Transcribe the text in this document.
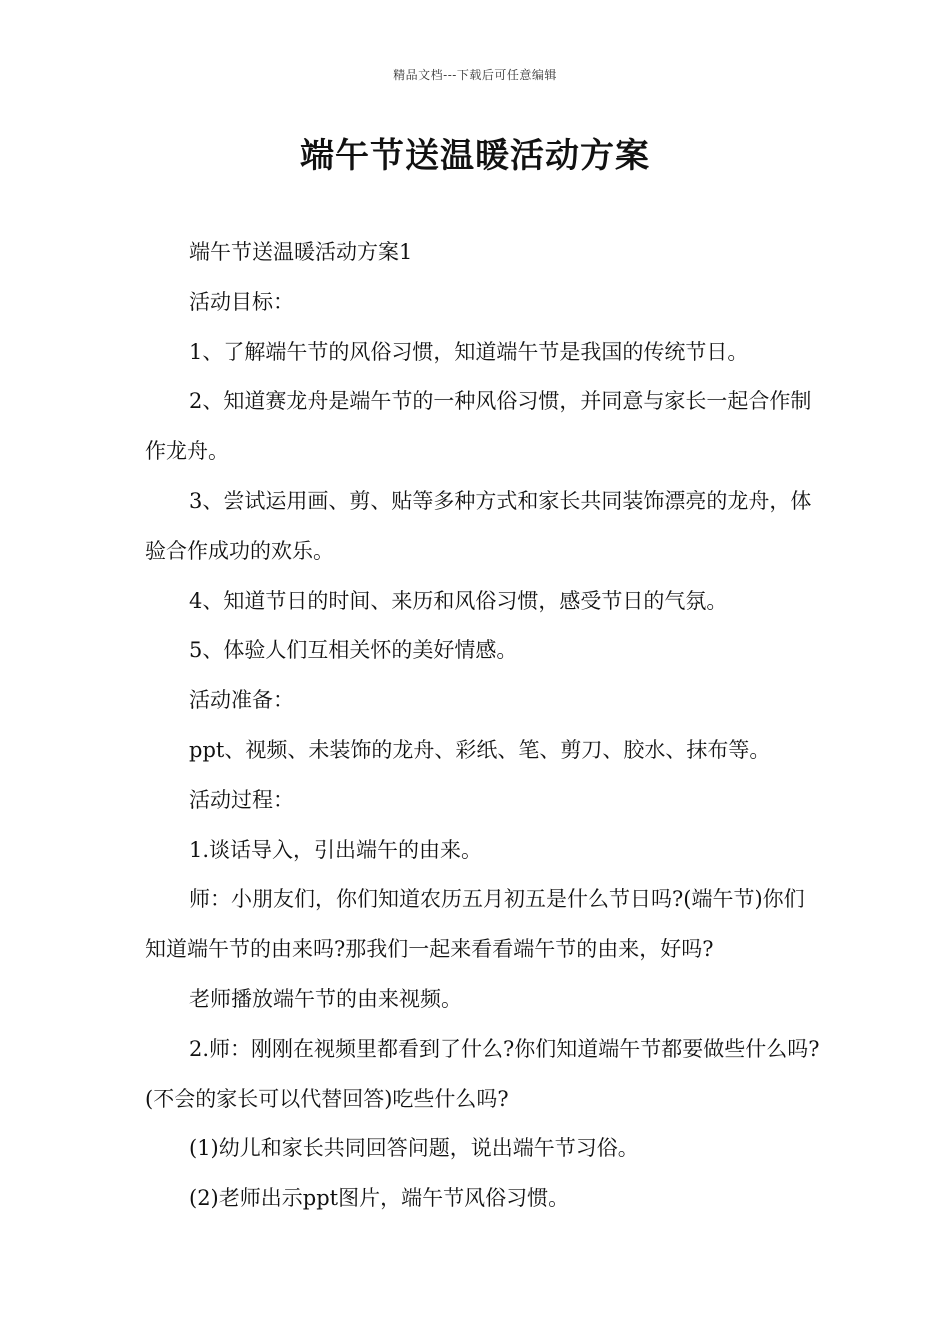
精品文档---下载后可任意编辑
端午节送温暖活动方案

端午节送温暖活动方案1

活动目标：

1、了解端午节的风俗习惯，知道端午节是我国的传统节日。

2、知道赛龙舟是端午节的一种风俗习惯，并同意与家长一起合作制作龙舟。

3、尝试运用画、剪、贴等多种方式和家长共同装饰漂亮的龙舟，体验合作成功的欢乐。

4、知道节日的时间、来历和风俗习惯，感受节日的气氛。

5、体验人们互相关怀的美好情感。

活动准备：

ppt、视频、未装饰的龙舟、彩纸、笔、剪刀、胶水、抹布等。

活动过程：

1.谈话导入，引出端午的由来。

师：小朋友们，你们知道农历五月初五是什么节日吗?(端午节)你们知道端午节的由来吗?那我们一起来看看端午节的由来，好吗?

老师播放端午节的由来视频。

2.师：刚刚在视频里都看到了什么?你们知道端午节都要做些什么吗?(不会的家长可以代替回答)吃些什么吗?

(1)幼儿和家长共同回答问题，说出端午节习俗。

(2)老师出示ppt图片，端午节风俗习惯。
